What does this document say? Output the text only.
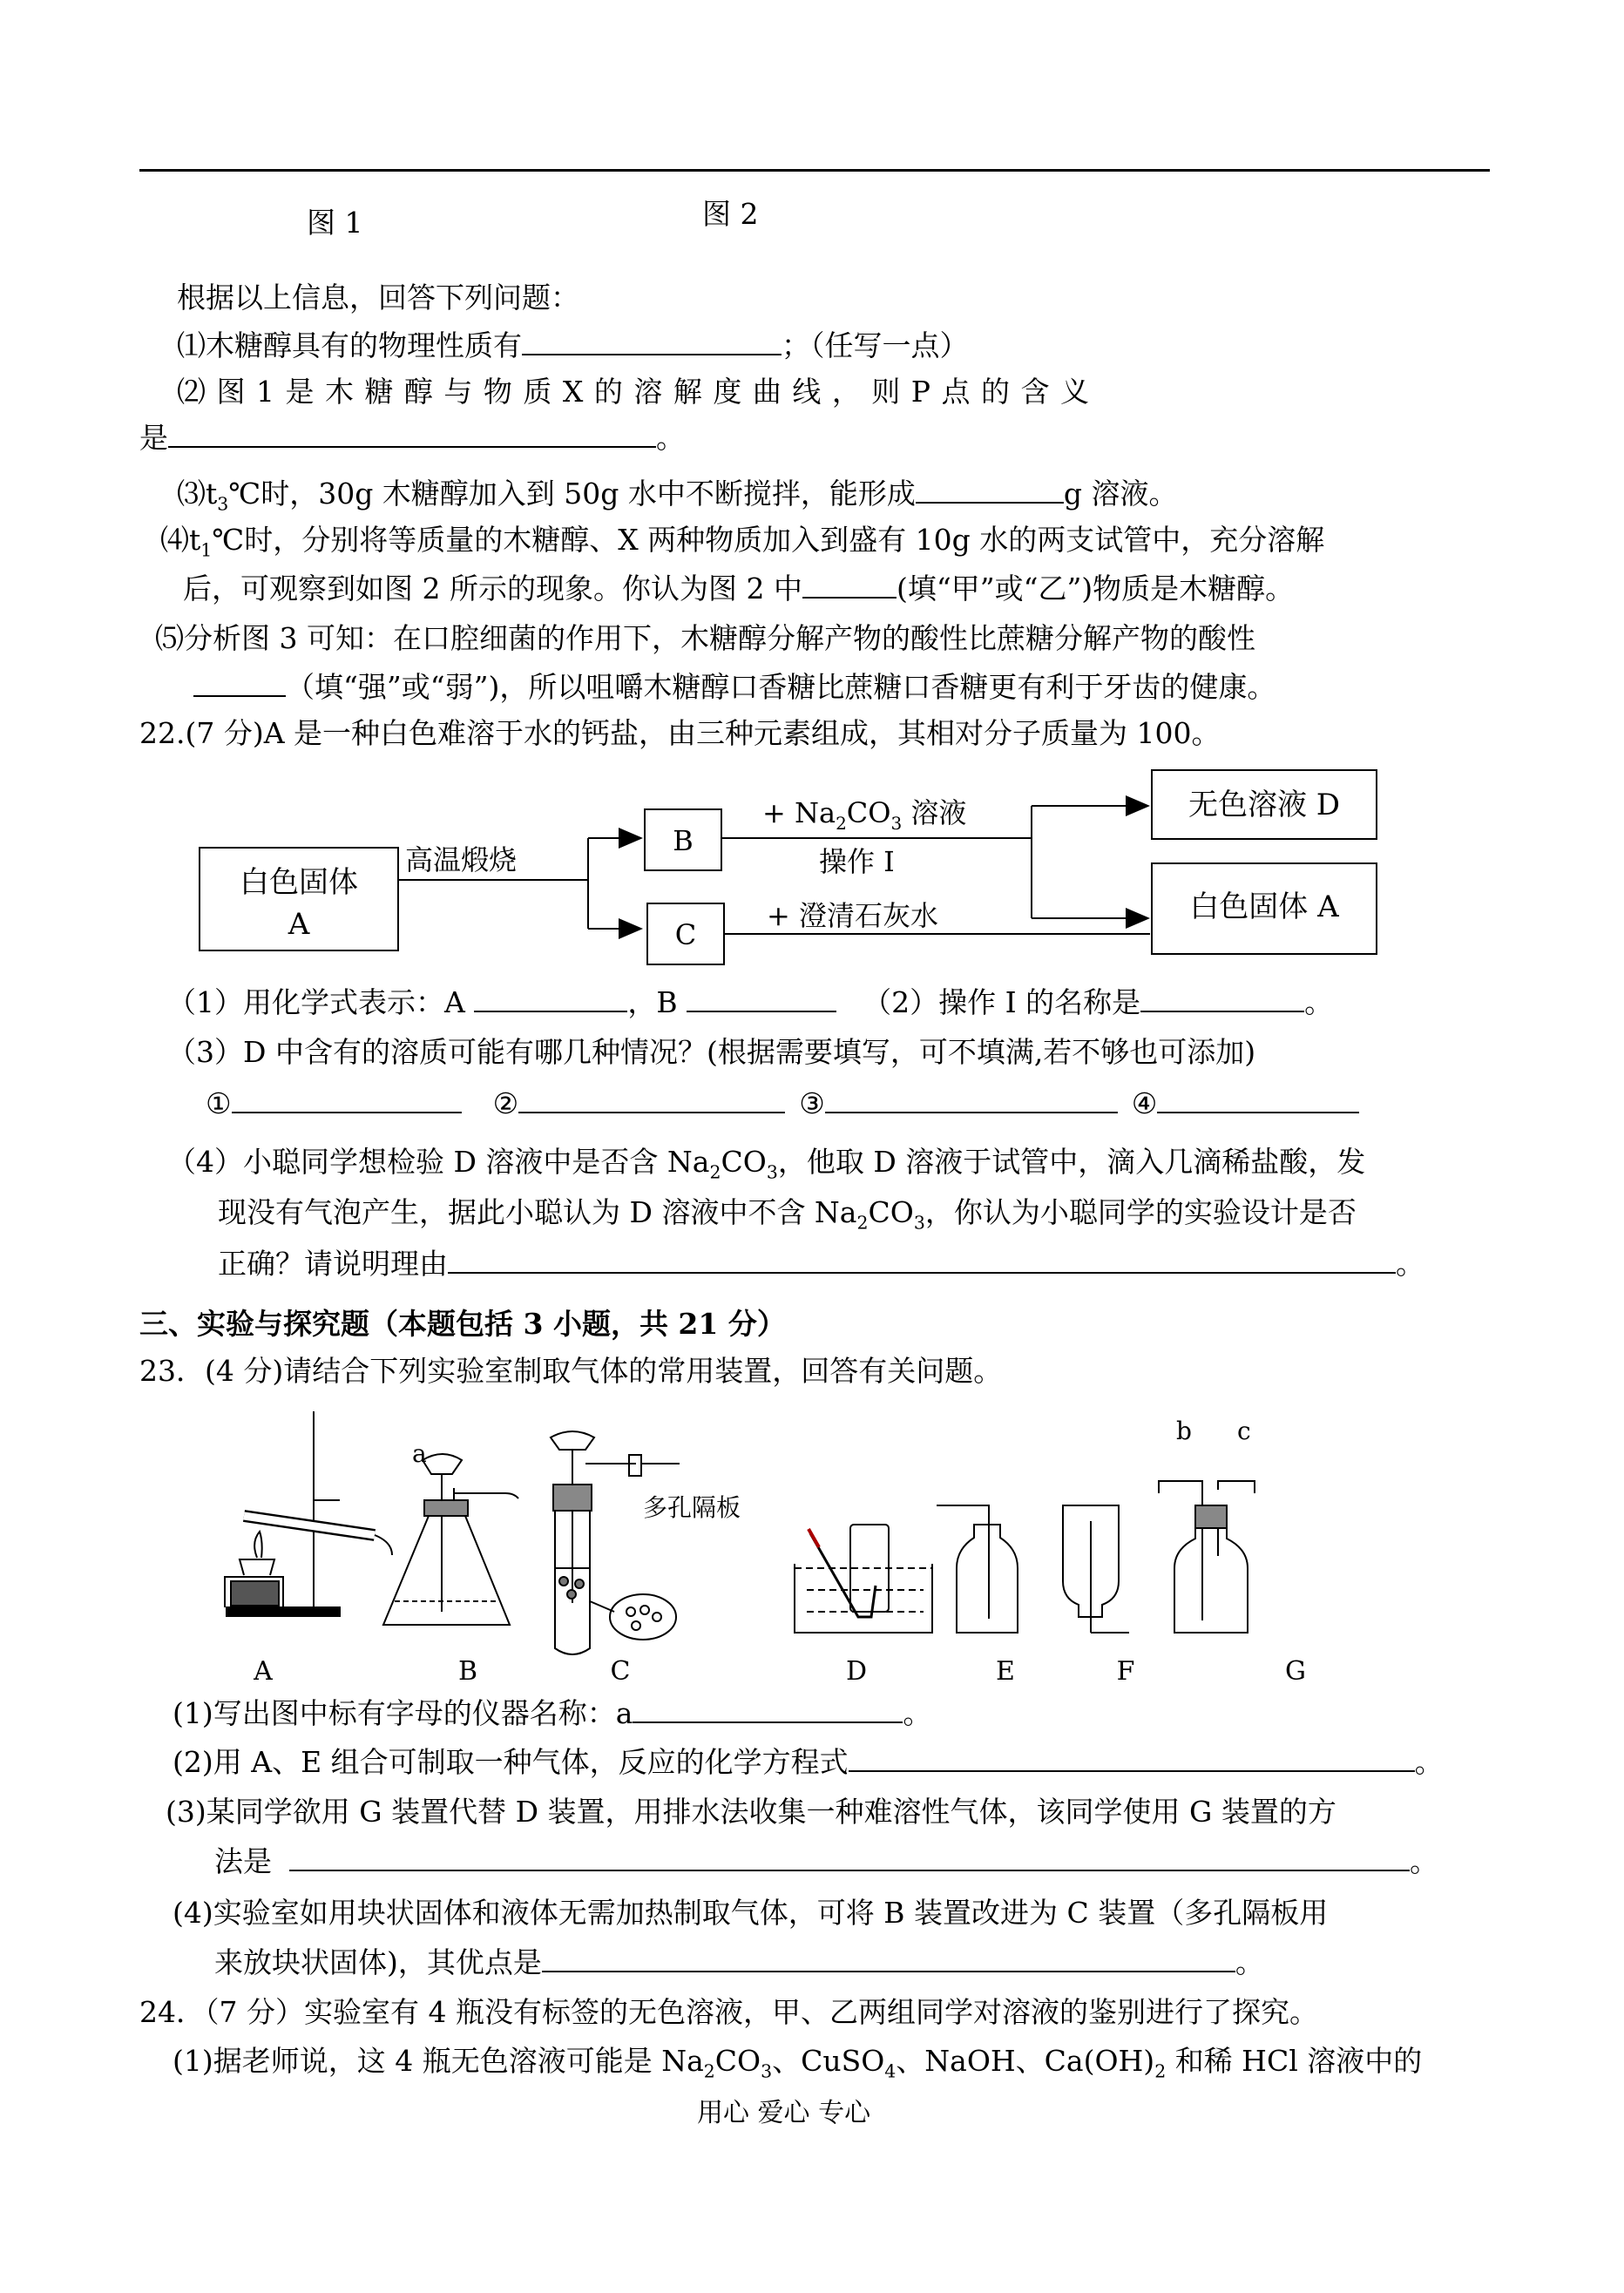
图 1	图 2
根据以上信息，回答下列问题：
⑴木糖醇具有的物理性质有	；（任写一点）
⑵ 图 1 是 木 糖 醇 与 物 质 X 的 溶 解 度 曲 线 ， 则 P 点 的 含 义
是	。
$⑶t_3℃$时，30g 木糖醇加入到 50g 水中不断搅拌，能形成	g 溶液。
$⑷t_1℃$时，分别将等质量的木糖醇、X 两种物质加入到盛有 10g 水的两支试管中，充分溶解
后，可观察到如图 2 所示的现象。你认为图 2 中	(填“甲”或“乙”)物质是木糖醇。
⑸分析图 3 可知：在口腔细菌的作用下，木糖醇分解产物的酸性比蔗糖分解产物的酸性
（填“强”或“弱”)，所以咀嚼木糖醇口香糖比蔗糖口香糖更有利于牙齿的健康。
22.(7 分)A 是一种白色难溶于水的钙盐，由三种元素组成，其相对分子质量为 100。
白色固体
A
高温煅烧
B
C
+ $Na_2CO_3$ 溶液
操作 I
+ 澄清石灰水
无色溶液 D
白色固体 A
（1）用化学式表示：A	，B	（2）操作 I 的名称是	。
（3）D 中含有的溶质可能有哪几种情况？(根据需要填写，可不填满,若不够也可添加)
①	②	③	④
（4）小聪同学想检验 D 溶液中是否含 $Na_2CO_3$，他取 D 溶液于试管中，滴入几滴稀盐酸，发
现没有气泡产生，据此小聪认为 D 溶液中不含 $Na_2CO_3$，你认为小聪同学的实验设计是否
正确？请说明理由	。
三、实验与探究题（本题包括 3 小题，共 21 分）
23．(4 分)请结合下列实验室制取气体的常用装置，回答有关问题。
a
多孔隔板
b c
A	B	C	D	E	F	G
(1)写出图中标有字母的仪器名称：a	。
(2)用 A、E 组合可制取一种气体，反应的化学方程式	。
(3)某同学欲用 G 装置代替 D 装置，用排水法收集一种难溶性气体，该同学使用 G 装置的方
法是	。
(4)实验室如用块状固体和液体无需加热制取气体，可将 B 装置改进为 C 装置（多孔隔板用
来放块状固体)，其优点是	。
24．（7 分）实验室有 4 瓶没有标签的无色溶液，甲、乙两组同学对溶液的鉴别进行了探究。
(1)据老师说，这 4 瓶无色溶液可能是 $Na_2CO_3$、CuSO$_4$、NaOH、$Ca(OH)_2$ 和稀 HCl 溶液中的
用心 爱心 专心
